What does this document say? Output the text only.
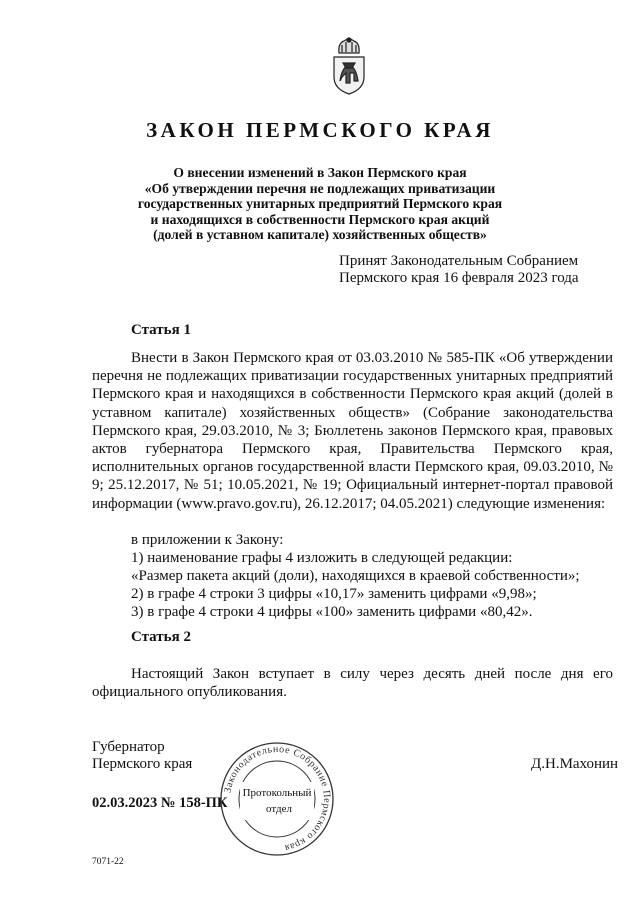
ЗАКОН ПЕРМСКОГО КРАЯ
О внесении изменений в Закон Пермского края
«Об утверждении перечня не подлежащих приватизации
государственных унитарных предприятий Пермского края
и находящихся в собственности Пермского края акций
(долей в уставном капитале) хозяйственных обществ»
Принят Законодательным Собранием
Пермского края 16 февраля 2023 года
Статья 1
Внести в Закон Пермского края от 03.03.2010 № 585-ПК «Об утверждении перечня не подлежащих приватизации государственных унитарных предприятий Пермского края и находящихся в собственности Пермского края акций (долей в уставном капитале) хозяйственных обществ» (Собрание законодательства Пермского края, 29.03.2010, № 3; Бюллетень законов Пермского края, правовых актов губернатора Пермского края, Правительства Пермского края, исполнительных органов государственной власти Пермского края, 09.03.2010, № 9; 25.12.2017, № 51; 10.05.2021, № 19; Официальный интернет-портал правовой информации (www.pravo.gov.ru), 26.12.2017; 04.05.2021) следующие изменения:
в приложении к Закону:
1) наименование графы 4 изложить в следующей редакции:
«Размер пакета акций (доли), находящихся в краевой собственности»;
2) в графе 4 строки 3 цифры «10,17» заменить цифрами «9,98»;
3) в графе 4 строки 4 цифры «100» заменить цифрами «80,42».
Статья 2
Настоящий Закон вступает в силу через десять дней после дня его официального опубликования.
Губернатор
Пермского края	Д.Н.Махонин
02.03.2023 № 158-ПК
Законодательное Собрание Пермского края
Протокольный
отдел
7071-22
